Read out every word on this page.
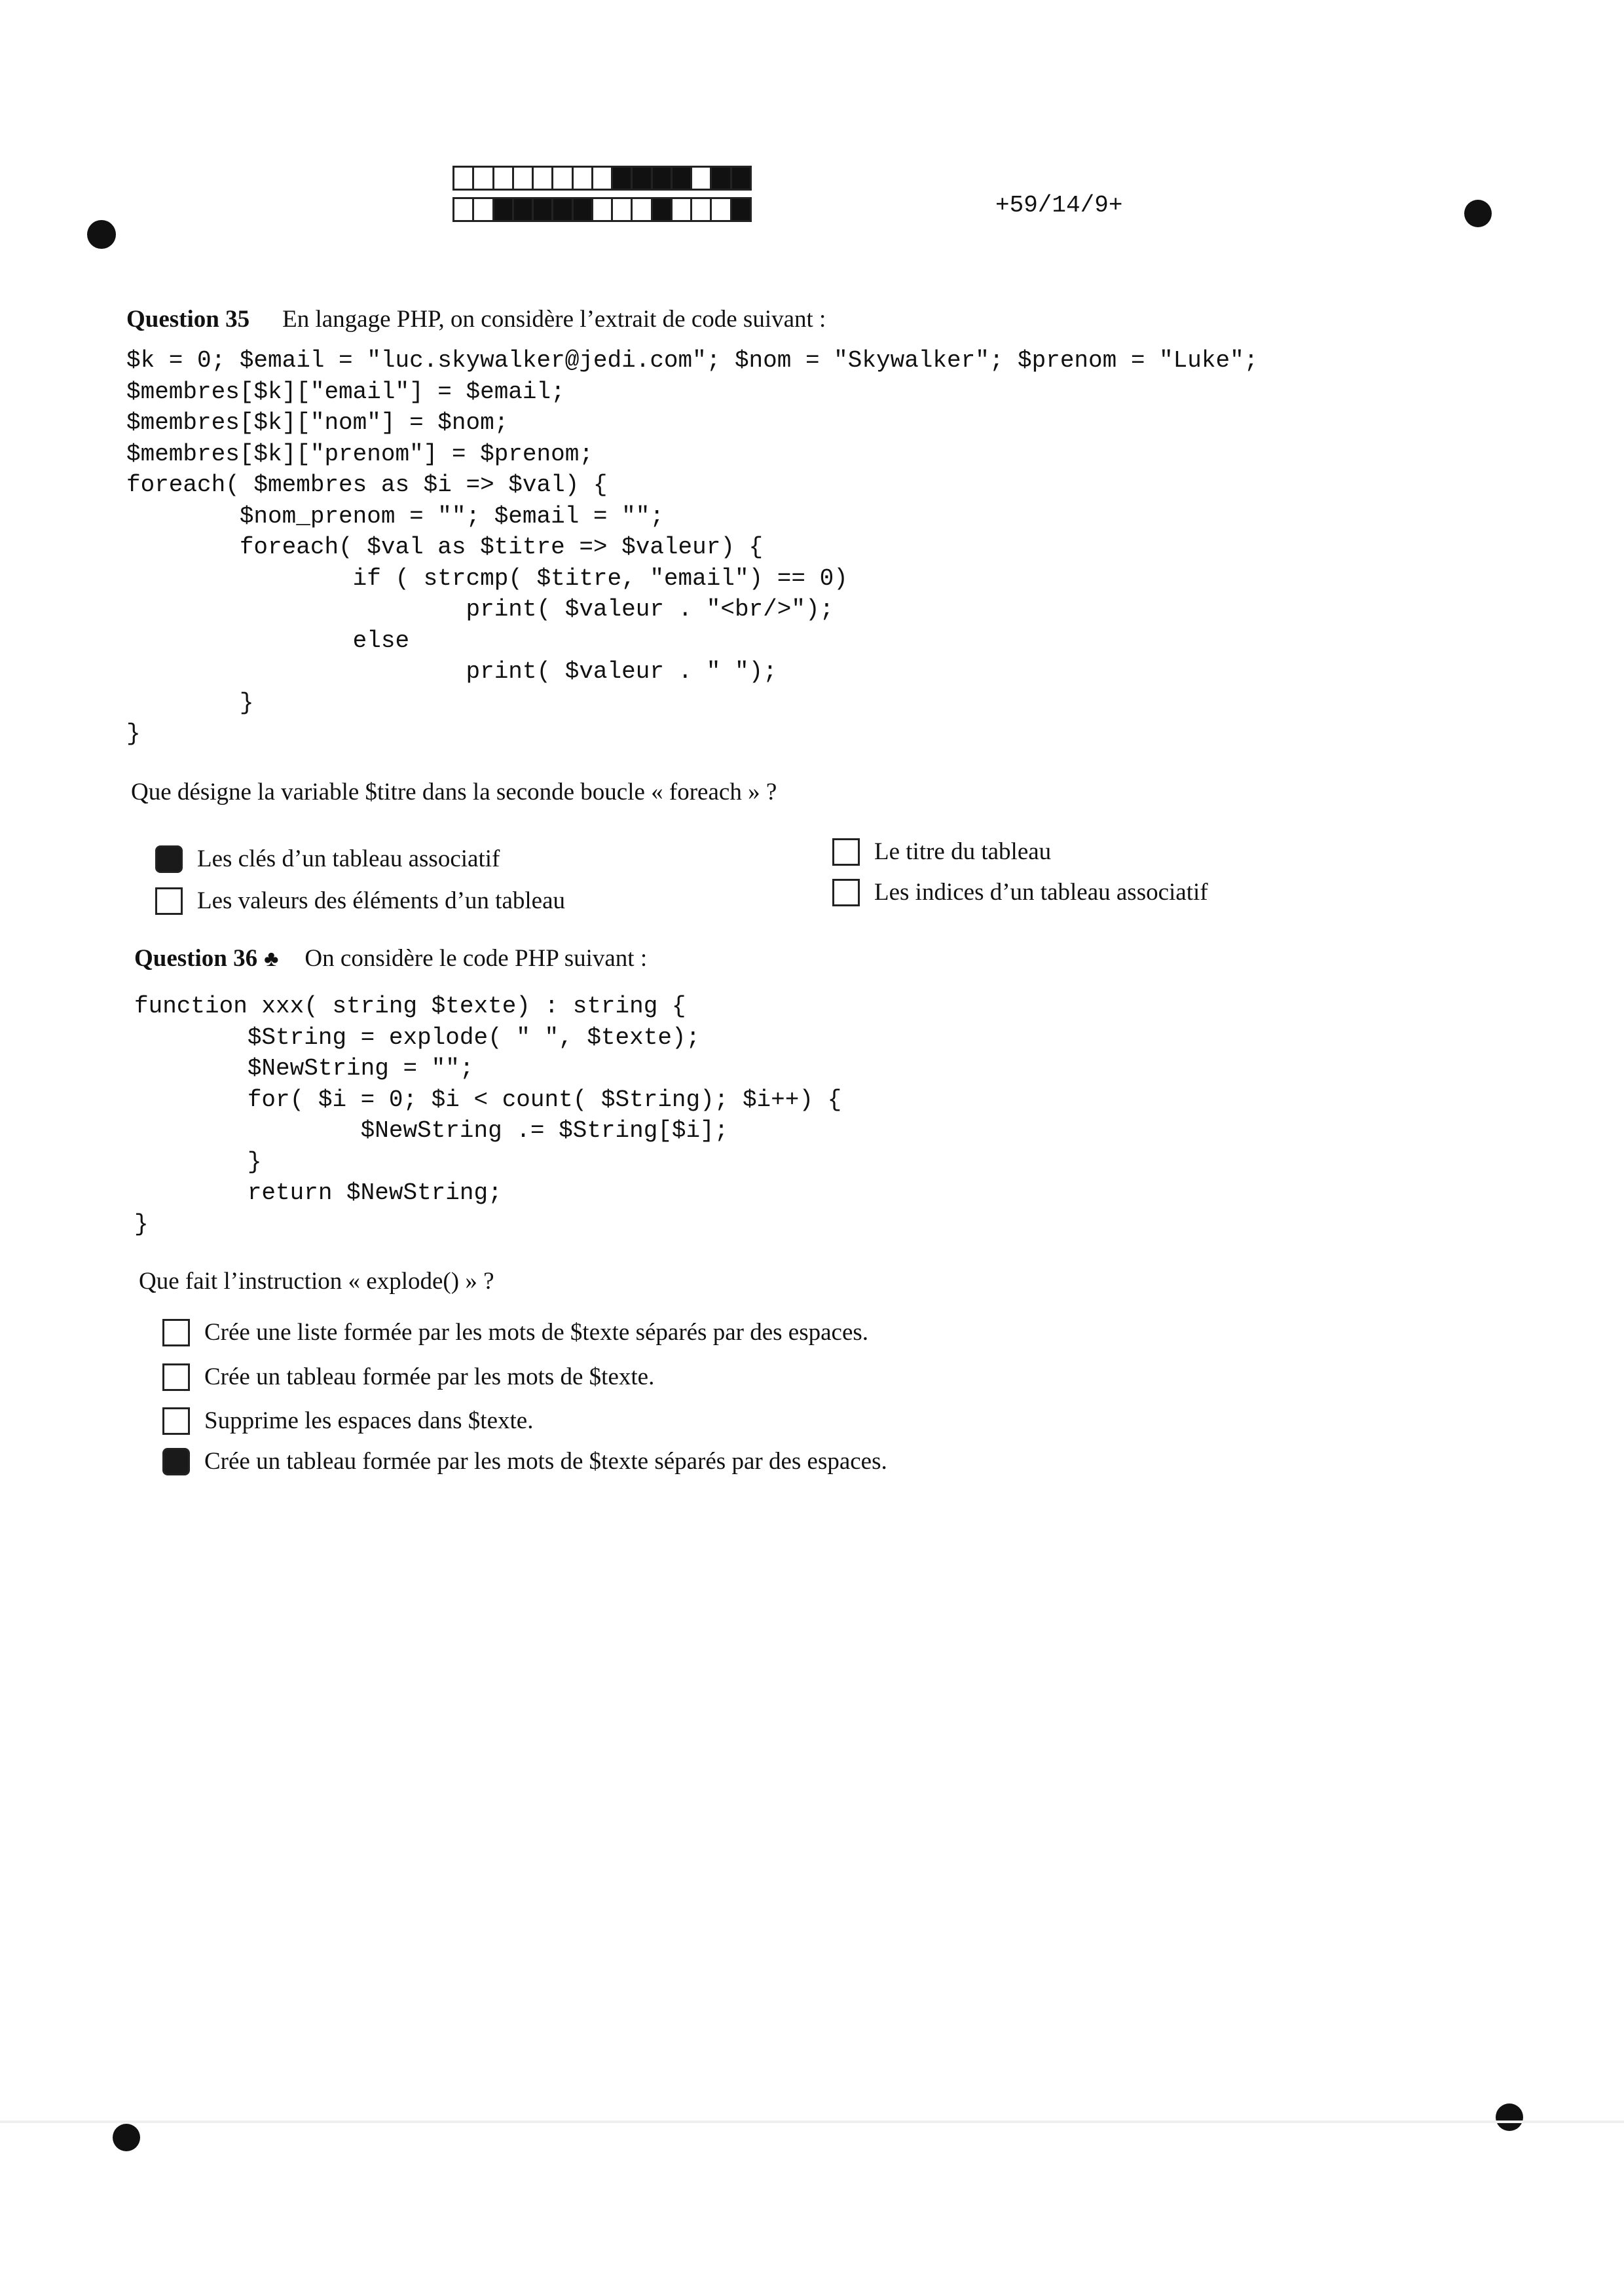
+59/14/9+
Question 35 En langage PHP, on considère l’extrait de code suivant :
$k = 0; $email = "luc.skywalker@jedi.com"; $nom = "Skywalker"; $prenom = "Luke";
$membres[$k]["email"] = $email;
$membres[$k]["nom"] = $nom;
$membres[$k]["prenom"] = $prenom;
foreach( $membres as $i => $val) {
$nom_prenom = ""; $email = "";
foreach( $val as $titre => $valeur) {
if ( strcmp( $titre, "email") == 0)
print( $valeur . "<br/>");
else
print( $valeur . " ");
}
}
Que désigne la variable $titre dans la seconde boucle « foreach » ?
Les clés d’un tableau associatif
Les valeurs des éléments d’un tableau
Le titre du tableau
Les indices d’un tableau associatif
Question 36 ♣ On considère le code PHP suivant :
function xxx( string $texte) : string {
$String = explode( " ", $texte);
$NewString = "";
for( $i = 0; $i < count( $String); $i++) {
$NewString .= $String[$i];
}
return $NewString;
}
Que fait l’instruction « explode() » ?
Crée une liste formée par les mots de $texte séparés par des espaces.
Crée un tableau formée par les mots de $texte.
Supprime les espaces dans $texte.
Crée un tableau formée par les mots de $texte séparés par des espaces.
